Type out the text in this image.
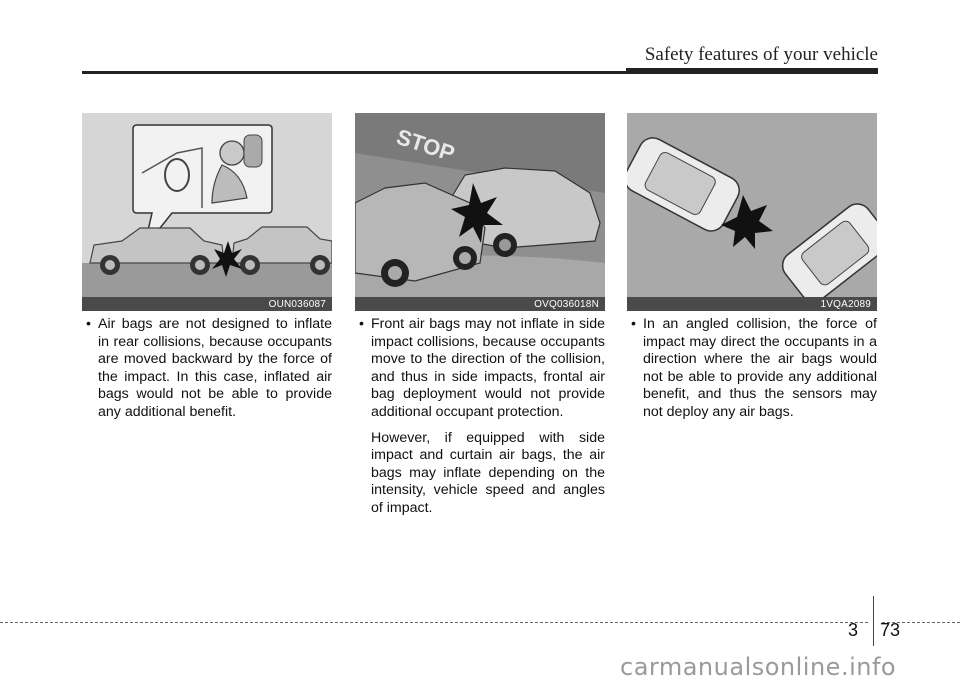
Safety features of your vehicle
OUN036087
STOP
OVQ036018N	1VQA2089
• Air bags are not designed to inflate in rear collisions, because occupants are moved backward by the force of the impact. In this case, inflated air bags would not be able to provide any additional benefit.
• Front air bags may not inflate in side impact collisions, because occupants move to the direction of the collision, and thus in side impacts, frontal air bag deployment would not provide additional occupant protection.
However, if equipped with side impact and curtain air bags, the air bags may inflate depending on the intensity, vehicle speed and angles of impact.
• In an angled collision, the force of impact may direct the occupants in a direction where the air bags would not be able to provide any additional benefit, and thus the sensors may not deploy any air bags.
3 73
carmanualsonline.info
